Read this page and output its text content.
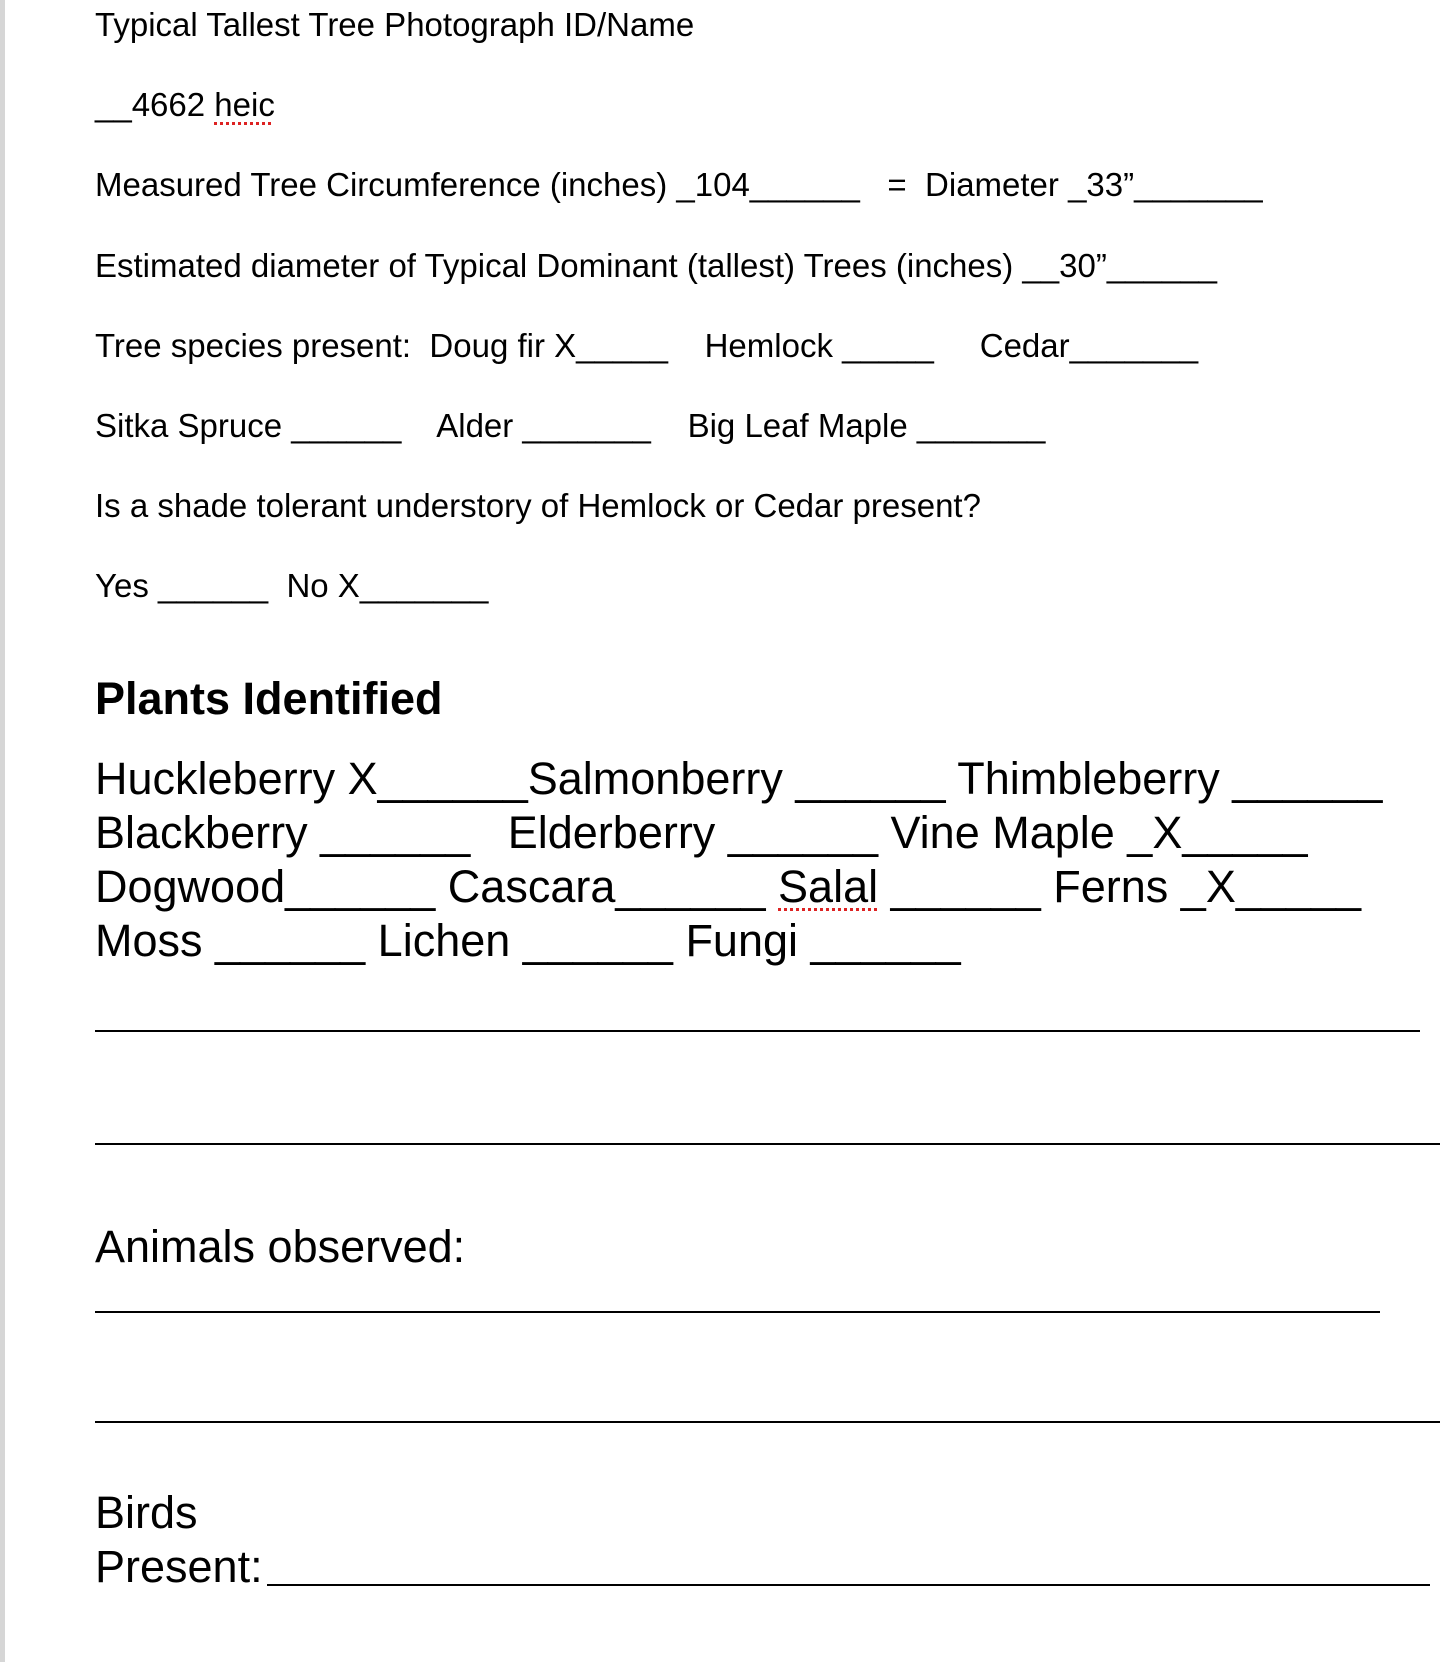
Typical Tallest Tree Photograph ID/Name
__4662 heic
Measured Tree Circumference (inches) _104______   =  Diameter _33”_______
Estimated diameter of Typical Dominant (tallest) Trees (inches) __30”______
Tree species present:  Doug fir X_____    Hemlock _____     Cedar_______
Sitka Spruce ______    Alder _______    Big Leaf Maple _______
Is a shade tolerant understory of Hemlock or Cedar present?
Yes ______  No X_______
Plants Identified
Huckleberry X______Salmonberry ______ Thimbleberry ______
Blackberry ______   Elderberry ______ Vine Maple _X_____
Dogwood______ Cascara______ Salal ______ Ferns _X_____
Moss ______ Lichen ______ Fungi ______
Animals observed:
Birds
Present:
